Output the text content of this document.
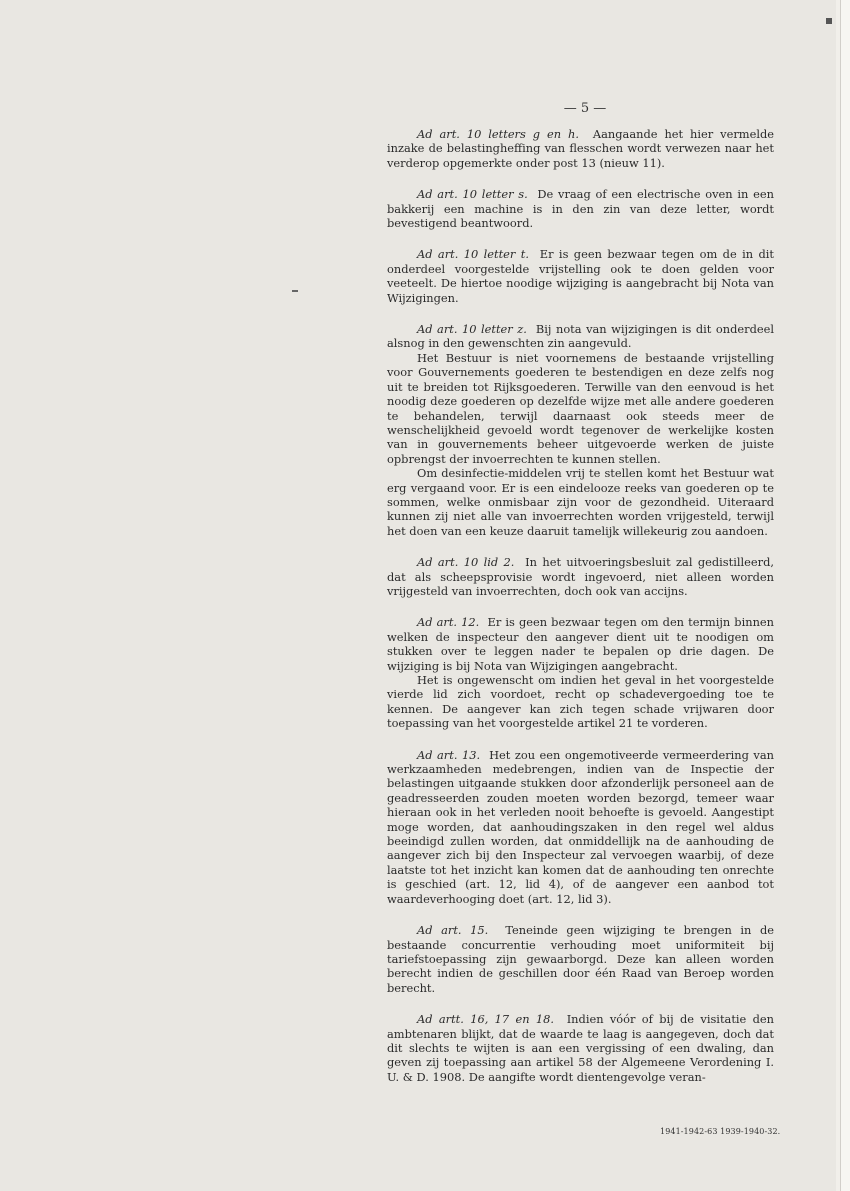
— 5 —

Ad art. 10 letters g en h. Aangaande het hier vermelde inzake de belastingheffing van flesschen wordt verwezen naar het verderop opgemerkte onder post 13 (nieuw 11).

Ad art. 10 letter s. De vraag of een electrische oven in een bakkerij een machine is in den zin van deze letter, wordt bevestigend beantwoord.

Ad art. 10 letter t. Er is geen bezwaar tegen om de in dit onderdeel voorgestelde vrijstelling ook te doen gelden voor veeteelt. De hiertoe noodige wijziging is aangebracht bij Nota van Wijzigingen.

Ad art. 10 letter z. Bij nota van wijzigingen is dit onderdeel alsnog in den gewenschten zin aangevuld.

Het Bestuur is niet voornemens de bestaande vrijstelling voor Gouvernements goederen te bestendigen en deze zelfs nog uit te breiden tot Rijksgoederen. Terwille van den eenvoud is het noodig deze goederen op dezelfde wijze met alle andere goederen te behandelen, terwijl daarnaast ook steeds meer de wenschelijkheid gevoeld wordt tegenover de werkelijke kosten van in gouvernements beheer uitgevoerde werken de juiste opbrengst der invoerrechten te kunnen stellen.

Om desinfectie-middelen vrij te stellen komt het Bestuur wat erg vergaand voor. Er is een eindelooze reeks van goederen op te sommen, welke onmisbaar zijn voor de gezondheid. Uiteraard kunnen zij niet alle van invoerrechten worden vrijgesteld, terwijl het doen van een keuze daaruit tamelijk willekeurig zou aandoen.

Ad art. 10 lid 2. In het uitvoeringsbesluit zal gedistilleerd, dat als scheepsprovisie wordt ingevoerd, niet alleen worden vrijgesteld van invoerrechten, doch ook van accijns.

Ad art. 12. Er is geen bezwaar tegen om den termijn binnen welken de inspecteur den aangever dient uit te noodigen om stukken over te leggen nader te bepalen op drie dagen. De wijziging is bij Nota van Wijzigingen aangebracht.

Het is ongewenscht om indien het geval in het voorgestelde vierde lid zich voordoet, recht op schadevergoeding toe te kennen. De aangever kan zich tegen schade vrijwaren door toepassing van het voorgestelde artikel 21 te vorderen.

Ad art. 13. Het zou een ongemotiveerde vermeerdering van werkzaamheden medebrengen, indien van de Inspectie der belastingen uitgaande stukken door afzonderlijk personeel aan de geadresseerden zouden moeten worden bezorgd, temeer waar hieraan ook in het verleden nooit behoefte is gevoeld. Aangestipt moge worden, dat aanhoudingszaken in den regel wel aldus beeindigd zullen worden, dat onmiddellijk na de aanhouding de aangever zich bij den Inspecteur zal vervoegen waarbij, of deze laatste tot het inzicht kan komen dat de aanhouding ten onrechte is geschied (art. 12, lid 4), of de aangever een aanbod tot waardeverhooging doet (art. 12, lid 3).

Ad art. 15. Teneinde geen wijziging te brengen in de bestaande concurrentie verhouding moet uniformiteit bij tariefstoepassing zijn gewaarborgd. Deze kan alleen worden berecht indien de geschillen door één Raad van Beroep worden berecht.

Ad artt. 16, 17 en 18. Indien vóór of bij de visitatie den ambtenaren blijkt, dat de waarde te laag is aangegeven, doch dat dit slechts te wijten is aan een vergissing of een dwaling, dan geven zij toepassing aan artikel 58 der Algemeene Verordening I. U. & D. 1908. De aangifte wordt dientengevolge veran-

1941-1942-63 1939-1940-32.
